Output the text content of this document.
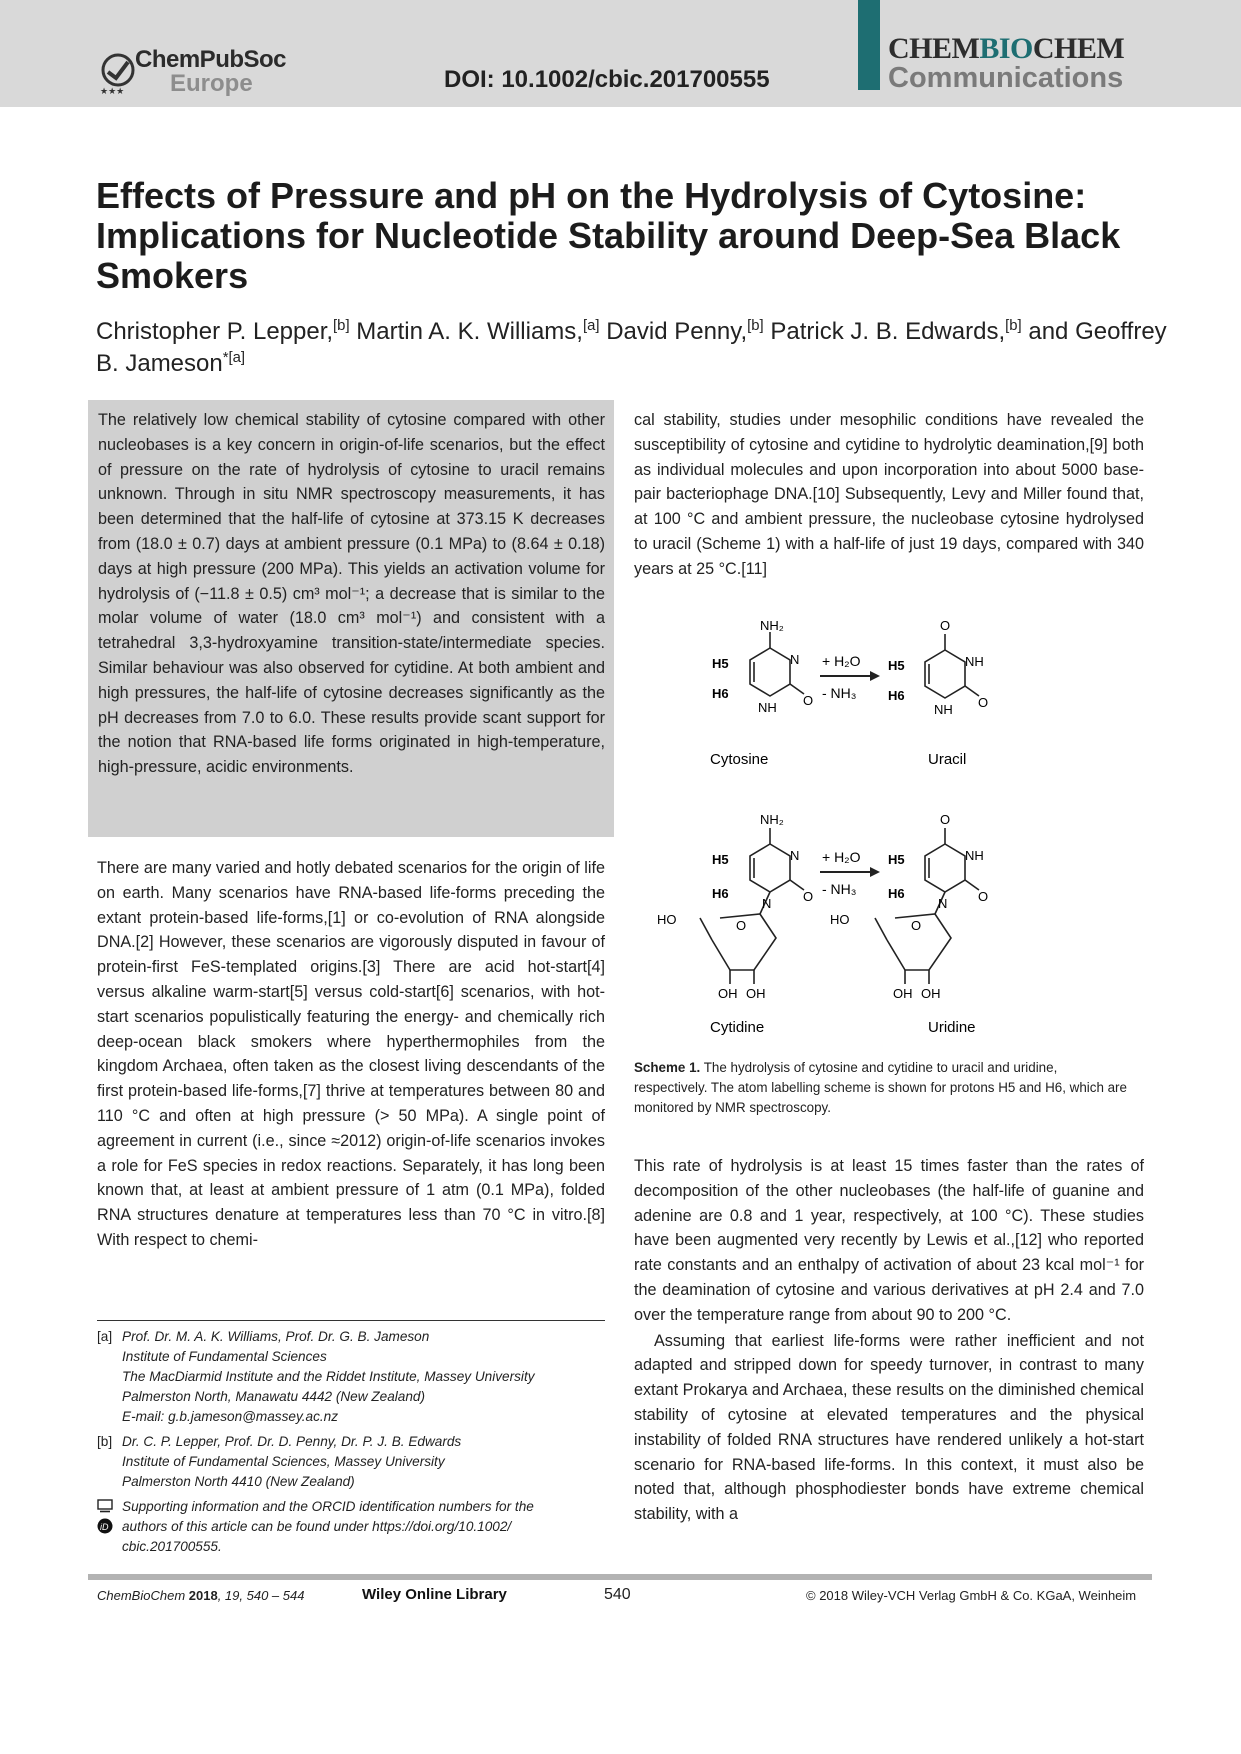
★★★
ChemPubSoc
Europe	DOI: 10.1002/cbic.201700555
CHEMBIOCHEM
Communications
Effects of Pressure and pH on the Hydrolysis of Cytosine: Implications for Nucleotide Stability around Deep-Sea Black Smokers

Christopher P. Lepper,[b] Martin A. K. Williams,[a] David Penny,[b] Patrick J. B. Edwards,[b] and Geoffrey B. Jameson$^{*[a]}$

The relatively low chemical stability of cytosine compared with other nucleobases is a key concern in origin-of-life scenarios, but the effect of pressure on the rate of hydrolysis of cytosine to uracil remains unknown. Through in situ NMR spectroscopy measurements, it has been determined that the half-life of cytosine at 373.15 K decreases from (18.0 ± 0.7) days at ambient pressure (0.1 MPa) to (8.64 ± 0.18) days at high pressure (200 MPa). This yields an activation volume for hydrolysis of (−11.8 ± 0.5) cm³ mol⁻¹; a decrease that is similar to the molar volume of water (18.0 cm³ mol⁻¹) and consistent with a tetrahedral 3,3-hydroxyamine transition-state/intermediate species. Similar behaviour was also observed for cytidine. At both ambient and high pressures, the half-life of cytosine decreases significantly as the pH decreases from 7.0 to 6.0. These results provide scant support for the notion that RNA-based life forms originated in high-temperature, high-pressure, acidic environments.

There are many varied and hotly debated scenarios for the origin of life on earth. Many scenarios have RNA-based life-forms preceding the extant protein-based life-forms,[1] or co-evolution of RNA alongside DNA.[2] However, these scenarios are vigorously disputed in favour of protein-first FeS-templated origins.[3] There are acid hot-start[4] versus alkaline warm-start[5] versus cold-start[6] scenarios, with hot-start scenarios populistically featuring the energy- and chemically rich deep-ocean black smokers where hyperthermophiles from the kingdom Archaea, often taken as the closest living descendants of the first protein-based life-forms,[7] thrive at temperatures between 80 and 110 °C and often at high pressure (> 50 MPa). A single point of agreement in current (i.e., since ≈2012) origin-of-life scenarios invokes a role for FeS species in redox reactions. Separately, it has long been known that, at least at ambient pressure of 1 atm (0.1 MPa), folded RNA structures denature at temperatures less than 70 °C in vitro.[8] With respect to chemi-

cal stability, studies under mesophilic conditions have revealed the susceptibility of cytosine and cytidine to hydrolytic deamination,[9] both as individual molecules and upon incorporation into about 5000 base-pair bacteriophage DNA.[10] Subsequently, Levy and Miller found that, at 100 °C and ambient pressure, the nucleobase cytosine hydrolysed to uracil (Scheme 1) with a half-life of just 19 days, compared with 340 years at 25 °C.[11]

NH₂
N
NH O
H5
H6
Cytosine
+ H₂O
- NH₃
O
NH
NH O
H5
H6
Uracil
NH₂
N
N O
O
H5
H6
HO
OH OH
Cytidine
+ H₂O
- NH₃
O
NH
N O
O
H5
H6
HO
OH OH
Uridine

Scheme 1. The hydrolysis of cytosine and cytidine to uracil and uridine, respectively. The atom labelling scheme is shown for protons H5 and H6, which are monitored by NMR spectroscopy.

This rate of hydrolysis is at least 15 times faster than the rates of decomposition of the other nucleobases (the half-life of guanine and adenine are 0.8 and 1 year, respectively, at 100 °C). These studies have been augmented very recently by Lewis et al.,[12] who reported rate constants and an enthalpy of activation of about 23 kcal mol⁻¹ for the deamination of cytosine and various derivatives at pH 2.4 and 7.0 over the temperature range from about 90 to 200 °C.

Assuming that earliest life-forms were rather inefficient and not adapted and stripped down for speedy turnover, in contrast to many extant Prokarya and Archaea, these results on the diminished chemical stability of cytosine at elevated temperatures and the physical instability of folded RNA structures have rendered unlikely a hot-start scenario for RNA-based life-forms. In this context, it must also be noted that, although phosphodiester bonds have extreme chemical stability, with a

[a] Prof. Dr. M. A. K. Williams, Prof. Dr. G. B. Jameson
Institute of Fundamental Sciences
The MacDiarmid Institute and the Riddet Institute, Massey University
Palmerston North, Manawatu 4442 (New Zealand)
E-mail: g.b.jameson@massey.ac.nz
[b] Dr. C. P. Lepper, Prof. Dr. D. Penny, Dr. P. J. B. Edwards
Institute of Fundamental Sciences, Massey University
Palmerston North 4410 (New Zealand)
iD
Supporting information and the ORCID identification numbers for the
authors of this article can be found under https://doi.org/10.1002/
cbic.201700555.
ChemBioChem 2018, 19, 540 – 544	Wiley Online Library	540	© 2018 Wiley-VCH Verlag GmbH & Co. KGaA, Weinheim
